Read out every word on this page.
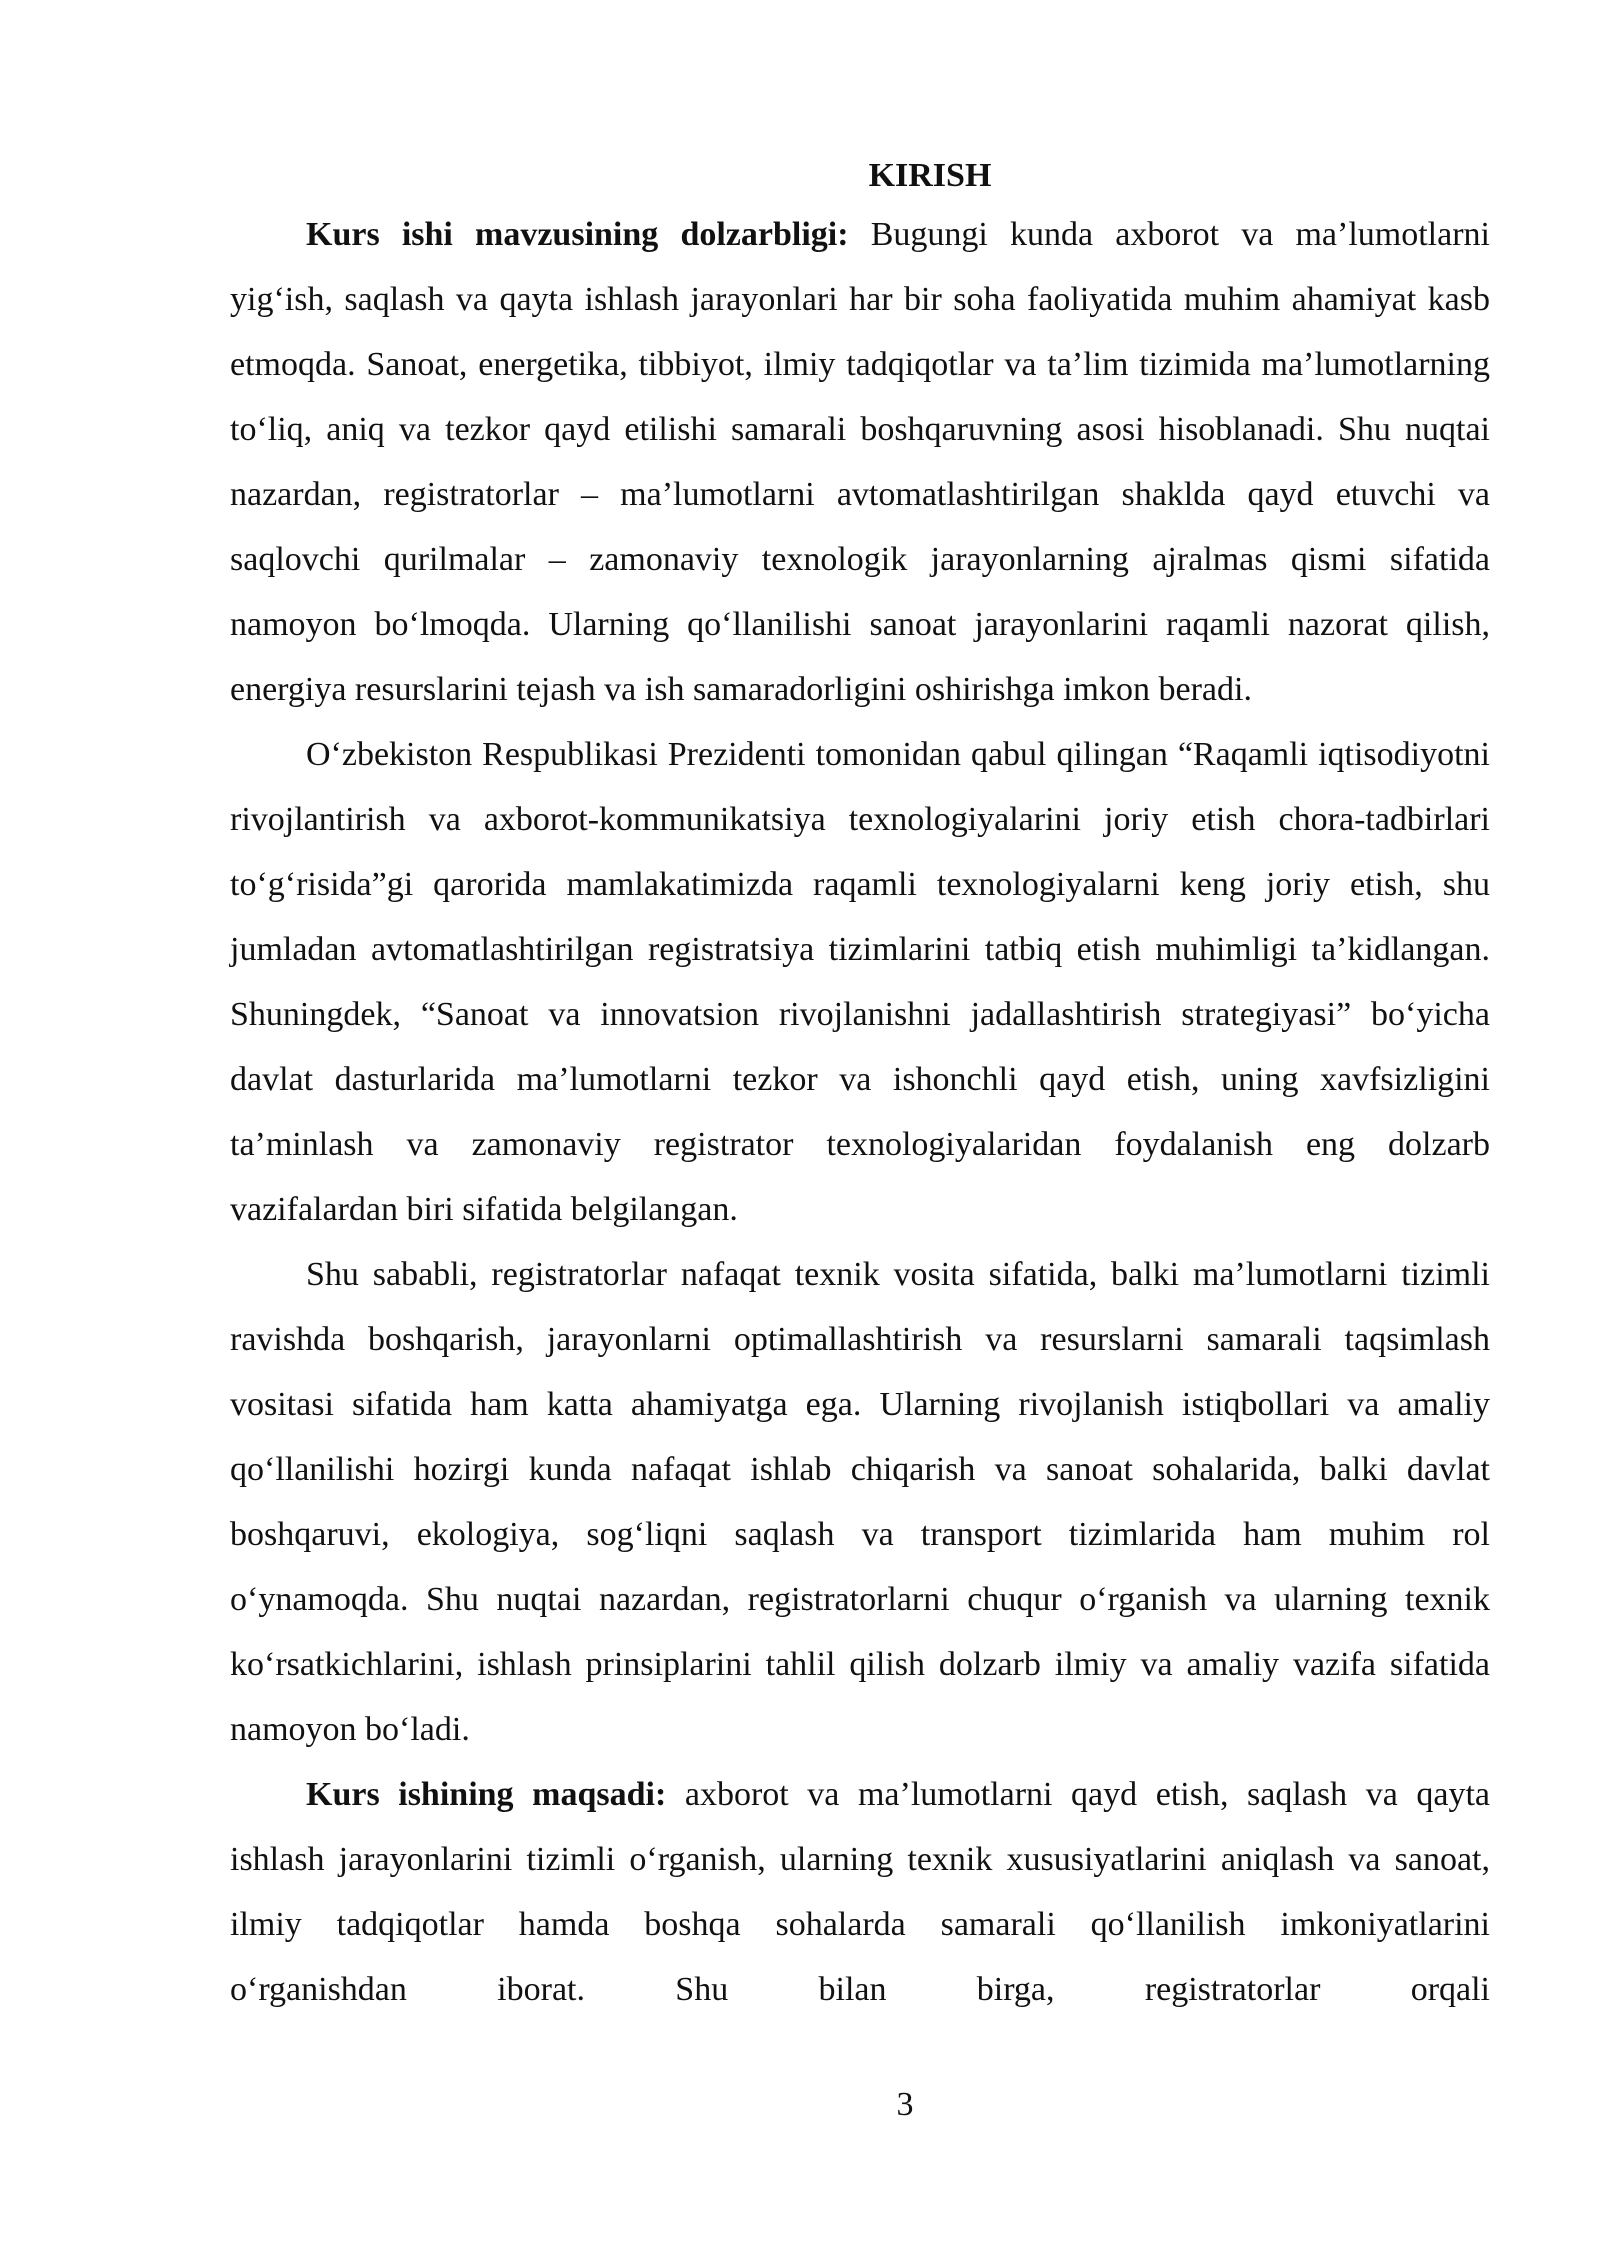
KIRISH

Kurs ishi mavzusining dolzarbligi: Bugungi kunda axborot va ma’lumotlarni yig‘ish, saqlash va qayta ishlash jarayonlari har bir soha faoliyatida muhim ahamiyat kasb etmoqda. Sanoat, energetika, tibbiyot, ilmiy tadqiqotlar va ta’lim tizimida ma’lumotlarning to‘liq, aniq va tezkor qayd etilishi samarali boshqaruvning asosi hisoblanadi. Shu nuqtai nazardan, registratorlar – ma’lumotlarni avtomatlashtirilgan shaklda qayd etuvchi va saqlovchi qurilmalar – zamonaviy texnologik jarayonlarning ajralmas qismi sifatida namoyon bo‘lmoqda. Ularning qo‘llanilishi sanoat jarayonlarini raqamli nazorat qilish, energiya resurslarini tejash va ish samaradorligini oshirishga imkon beradi.

O‘zbekiston Respublikasi Prezidenti tomonidan qabul qilingan “Raqamli iqtisodiyotni rivojlantirish va axborot-kommunikatsiya texnologiyalarini joriy etish chora-tadbirlari to‘g‘risida”gi qarorida mamlakatimizda raqamli texnologiyalarni keng joriy etish, shu jumladan avtomatlashtirilgan registratsiya tizimlarini tatbiq etish muhimligi ta’kidlangan. Shuningdek, “Sanoat va innovatsion rivojlanishni jadallashtirish strategiyasi” bo‘yicha davlat dasturlarida ma’lumotlarni tezkor va ishonchli qayd etish, uning xavfsizligini ta’minlash va zamonaviy registrator texnologiyalaridan foydalanish eng dolzarb vazifalardan biri sifatida belgilangan.

Shu sababli, registratorlar nafaqat texnik vosita sifatida, balki ma’lumotlarni tizimli ravishda boshqarish, jarayonlarni optimallashtirish va resurslarni samarali taqsimlash vositasi sifatida ham katta ahamiyatga ega. Ularning rivojlanish istiqbollari va amaliy qo‘llanilishi hozirgi kunda nafaqat ishlab chiqarish va sanoat sohalarida, balki davlat boshqaruvi, ekologiya, sog‘liqni saqlash va transport tizimlarida ham muhim rol o‘ynamoqda. Shu nuqtai nazardan, registratorlarni chuqur o‘rganish va ularning texnik ko‘rsatkichlarini, ishlash prinsiplarini tahlil qilish dolzarb ilmiy va amaliy vazifa sifatida namoyon bo‘ladi.

Kurs ishining maqsadi: axborot va ma’lumotlarni qayd etish, saqlash va qayta ishlash jarayonlarini tizimli o‘rganish, ularning texnik xususiyatlarini aniqlash va sanoat, ilmiy tadqiqotlar hamda boshqa sohalarda samarali qo‘llanilish imkoniyatlarini o‘rganishdan iborat. Shu bilan birga, registratorlar orqali

3
